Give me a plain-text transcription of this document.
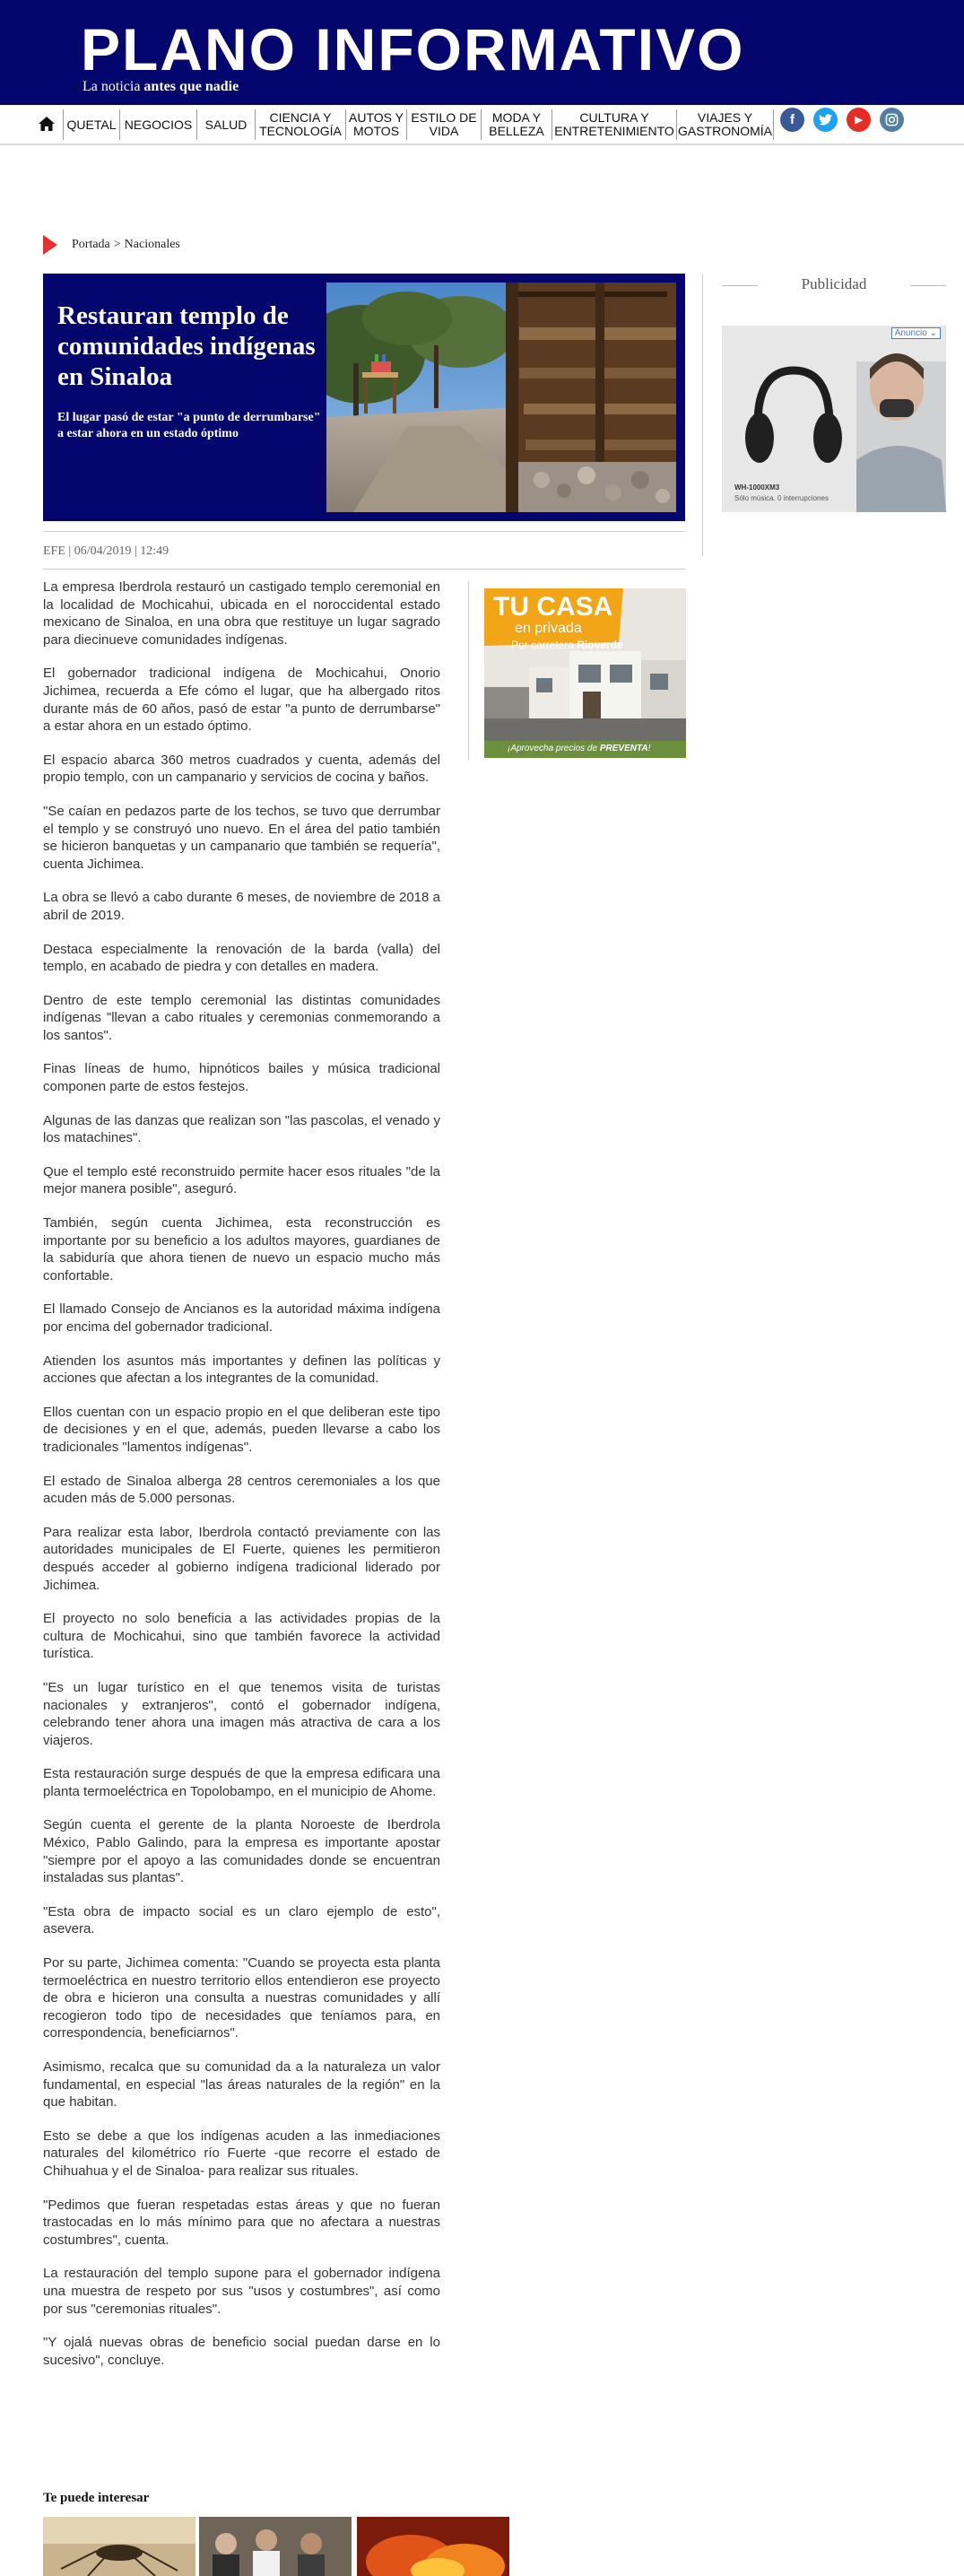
PLANO INFORMATIVO
La noticia antes que nadie
QUETAL NEGOCIOS	SALUD	CIENCIA Y TECNOLOGÍA
AUTOS Y MOTOS
ESTILO DE VIDA
MODA Y BELLEZA
CULTURA Y ENTRETENIMIENTO
VIAJES Y GASTRONOMÍA
f	▶
Portada > Nacionales
Restauran templo de comunidades indígenas en Sinaloa
El lugar pasó de estar "a punto de derrumbarse" a estar ahora en un estado óptimo
EFE | 06/04/2019 | 12:49

La empresa Iberdrola restauró un castigado templo ceremonial en la localidad de Mochicahui, ubicada en el noroccidental estado mexicano de Sinaloa, en una obra que restituye un lugar sagrado para diecinueve comunidades indígenas.

El gobernador tradicional indígena de Mochicahui, Onorio Jichimea, recuerda a Efe cómo el lugar, que ha albergado ritos durante más de 60 años, pasó de estar "a punto de derrumbarse" a estar ahora en un estado óptimo.

El espacio abarca 360 metros cuadrados y cuenta, además del propio templo, con un campanario y servicios de cocina y baños.

"Se caían en pedazos parte de los techos, se tuvo que derrumbar el templo y se construyó uno nuevo. En el área del patio también se hicieron banquetas y un campanario que también se requería", cuenta Jichimea.

La obra se llevó a cabo durante 6 meses, de noviembre de 2018 a abril de 2019.

Destaca especialmente la renovación de la barda (valla) del templo, en acabado de piedra y con detalles en madera.

Dentro de este templo ceremonial las distintas comunidades indígenas "llevan a cabo rituales y ceremonias conmemorando a los santos".

Finas líneas de humo, hipnóticos bailes y música tradicional componen parte de estos festejos.

Algunas de las danzas que realizan son "las pascolas, el venado y los matachines".

Que el templo esté reconstruido permite hacer esos rituales "de la mejor manera posible", aseguró.

También, según cuenta Jichimea, esta reconstrucción es importante por su beneficio a los adultos mayores, guardianes de la sabiduría que ahora tienen de nuevo un espacio mucho más confortable.

El llamado Consejo de Ancianos es la autoridad máxima indígena por encima del gobernador tradicional.

Atienden los asuntos más importantes y definen las políticas y acciones que afectan a los integrantes de la comunidad.

Ellos cuentan con un espacio propio en el que deliberan este tipo de decisiones y en el que, además, pueden llevarse a cabo los tradicionales "lamentos indígenas".

El estado de Sinaloa alberga 28 centros ceremoniales a los que acuden más de 5.000 personas.

Para realizar esta labor, Iberdrola contactó previamente con las autoridades municipales de El Fuerte, quienes les permitieron después acceder al gobierno indígena tradicional liderado por Jichimea.

El proyecto no solo beneficia a las actividades propias de la cultura de Mochicahui, sino que también favorece la actividad turística.

"Es un lugar turístico en el que tenemos visita de turistas nacionales y extranjeros", contó el gobernador indígena, celebrando tener ahora una imagen más atractiva de cara a los viajeros.

Esta restauración surge después de que la empresa edificara una planta termoeléctrica en Topolobampo, en el municipio de Ahome.

Según cuenta el gerente de la planta Noroeste de Iberdrola México, Pablo Galindo, para la empresa es importante apostar "siempre por el apoyo a las comunidades donde se encuentran instaladas sus plantas".

"Esta obra de impacto social es un claro ejemplo de esto", asevera.

Por su parte, Jichimea comenta: "Cuando se proyecta esta planta termoeléctrica en nuestro territorio ellos entendieron ese proyecto de obra e hicieron una consulta a nuestras comunidades y allí recogieron todo tipo de necesidades que teníamos para, en correspondencia, beneficiarnos".

Asimismo, recalca que su comunidad da a la naturaleza un valor fundamental, en especial "las áreas naturales de la región" en la que habitan.

Esto se debe a que los indígenas acuden a las inmediaciones naturales del kilométrico río Fuerte -que recorre el estado de Chihuahua y el de Sinaloa- para realizar sus rituales.

"Pedimos que fueran respetadas estas áreas y que no fueran trastocadas en lo más mínimo para que no afectara a nuestras costumbres", cuenta.

La restauración del templo supone para el gobernador indígena una muestra de respeto por sus "usos y costumbres", así como por sus "ceremonias rituales".

"Y ojalá nuevas obras de beneficio social puedan darse en lo sucesivo", concluye.

TU CASA
en privada
Por carretera Rioverde
¡Aprovecha precios de PREVENTA!
Publicidad
Anuncio ⌄
WH-1000XM3
Sólo música. 0 interrupciones
Te puede interesar
